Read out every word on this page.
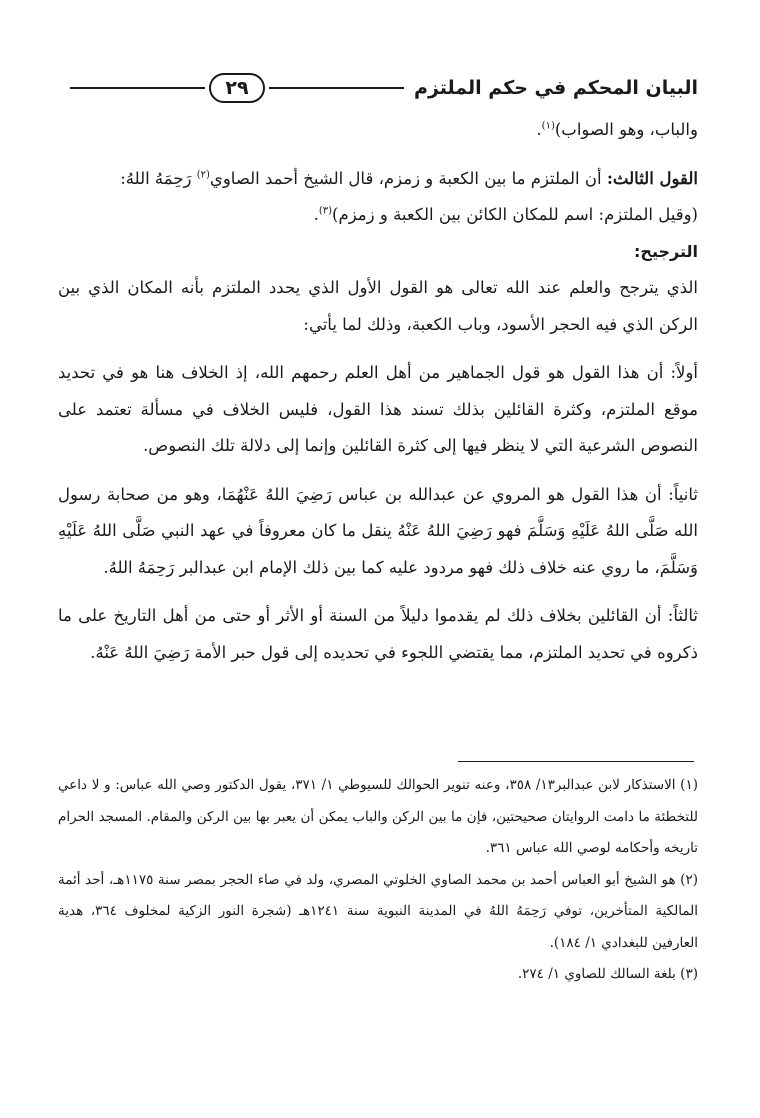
البيان المحكم في حكم الملتزم
٢٩

والباب، وهو الصواب)$^{(١)}$.

القول الثالث: أن الملتزم ما بين الكعبة و زمزم، قال الشيخ أحمد الصاوي$^{(٢)}$ رَحِمَهُ اللهُ:

(وقيل الملتزم: اسم للمكان الكائن بين الكعبة و زمزم)$^{(٣)}$.

الترجيح:

الذي يترجح والعلم عند الله تعالى هو القول الأول الذي يحدد الملتزم بأنه المكان الذي بين الركن الذي فيه الحجر الأسود، وباب الكعبة، وذلك لما يأتي:

أولاً: أن هذا القول هو قول الجماهير من أهل العلم رحمهم الله، إذ الخلاف هنا هو في تحديد موقع الملتزم، وكثرة القائلين بذلك تسند هذا القول، فليس الخلاف في مسألة تعتمد على النصوص الشرعية التي لا ينظر فيها إلى كثرة القائلين وإنما إلى دلالة تلك النصوص.

ثانياً: أن هذا القول هو المروي عن عبدالله بن عباس رَضِيَ اللهُ عَنْهُمَا، وهو من صحابة رسول الله صَلَّى اللهُ عَلَيْهِ وَسَلَّمَ فهو رَضِيَ اللهُ عَنْهُ ينقل ما كان معروفاً في عهد النبي صَلَّى اللهُ عَلَيْهِ وَسَلَّمَ، ما روي عنه خلاف ذلك فهو مردود عليه كما بين ذلك الإمام ابن عبدالبر رَحِمَهُ اللهُ.

ثالثاً: أن القائلين بخلاف ذلك لم يقدموا دليلاً من السنة أو الأثر أو حتى من أهل التاريخ على ما ذكروه في تحديد الملتزم، مما يقتضي اللجوء في تحديده إلى قول حبر الأمة رَضِيَ اللهُ عَنْهُ.

(١) الاستذكار لابن عبدالبر١٣/ ٣٥٨، وعنه تنوير الحوالك للسيوطي ١/ ٣٧١، يقول الدكتور وصي الله عباس: و لا داعي للتخطئة ما دامت الروايتان صحيحتين، فإن ما بين الركن والباب يمكن أن يعبر بها بين الركن والمقام. المسجد الحرام تاريخه وأحكامه لوصي الله عباس ٣٦١.

(٢) هو الشيخ أبو العباس أحمد بن محمد الصاوي الخلوتي المصري، ولد في صاء الحجر بمصر سنة ١١٧٥هـ، أحد أئمة المالكية المتأخرين، توفي رَحِمَهُ اللهُ في المدينة النبوية سنة ١٢٤١هـ (شجرة النور الزكية لمخلوف ٣٦٤، هدية العارفين للبغدادي ١/ ١٨٤).

(٣) بلغة السالك للصاوي ١/ ٢٧٤.
